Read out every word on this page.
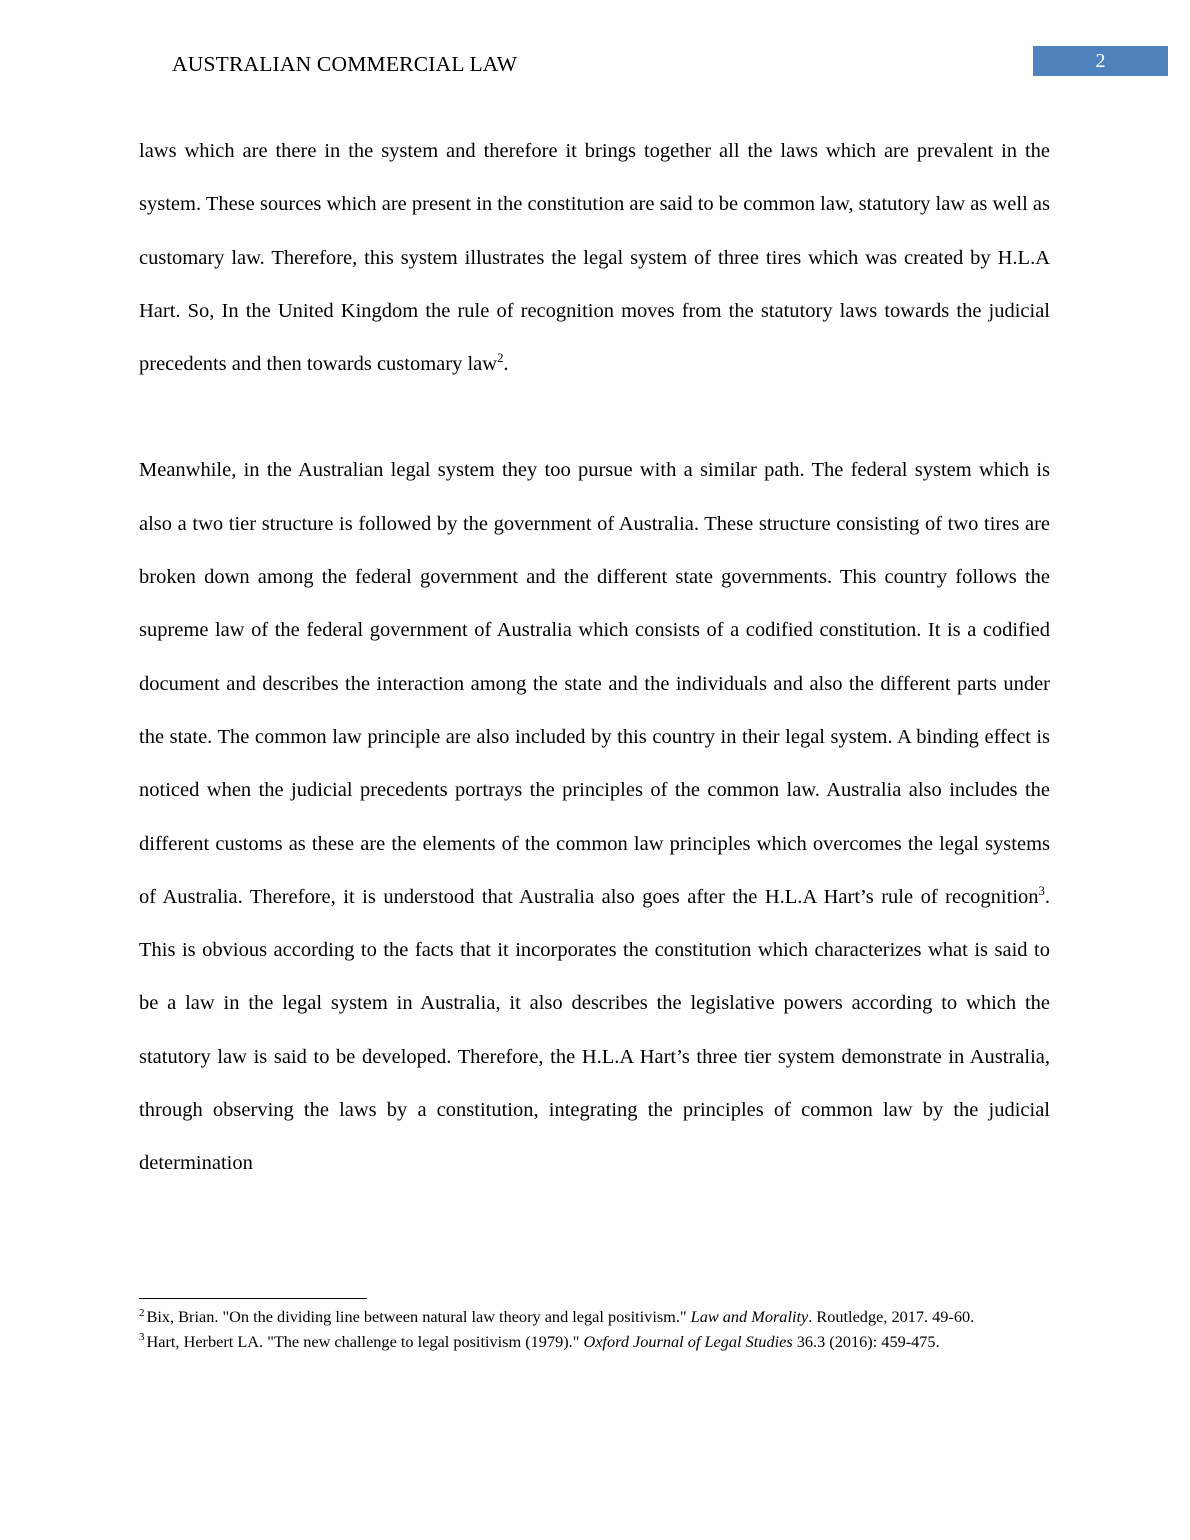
AUSTRALIAN COMMERCIAL LAW	2

laws which are there in the system and therefore it brings together all the laws which are prevalent in the system. These sources which are present in the constitution are said to be common law, statutory law as well as customary law. Therefore, this system illustrates the legal system of three tires which was created by H.L.A Hart. So, In the United Kingdom the rule of recognition moves from the statutory laws towards the judicial precedents and then towards customary law$^2$.

Meanwhile, in the Australian legal system they too pursue with a similar path. The federal system which is also a two tier structure is followed by the government of Australia. These structure consisting of two tires are broken down among the federal government and the different state governments. This country follows the supreme law of the federal government of Australia which consists of a codified constitution. It is a codified document and describes the interaction among the state and the individuals and also the different parts under the state. The common law principle are also included by this country in their legal system. A binding effect is noticed when the judicial precedents portrays the principles of the common law. Australia also includes the different customs as these are the elements of the common law principles which overcomes the legal systems of Australia. Therefore, it is understood that Australia also goes after the H.L.A Hart’s rule of recognition$^3$. This is obvious according to the facts that it incorporates the constitution which characterizes what is said to be a law in the legal system in Australia, it also describes the legislative powers according to which the statutory law is said to be developed. Therefore, the H.L.A Hart’s three tier system demonstrate in Australia, through observing the laws by a constitution, integrating the principles of common law by the judicial determination

$^2$ Bix, Brian. "On the dividing line between natural law theory and legal positivism." Law and Morality. Routledge, 2017. 49-60.

$^3$ Hart, Herbert LA. "The new challenge to legal positivism (1979)." Oxford Journal of Legal Studies 36.3 (2016): 459-475.
